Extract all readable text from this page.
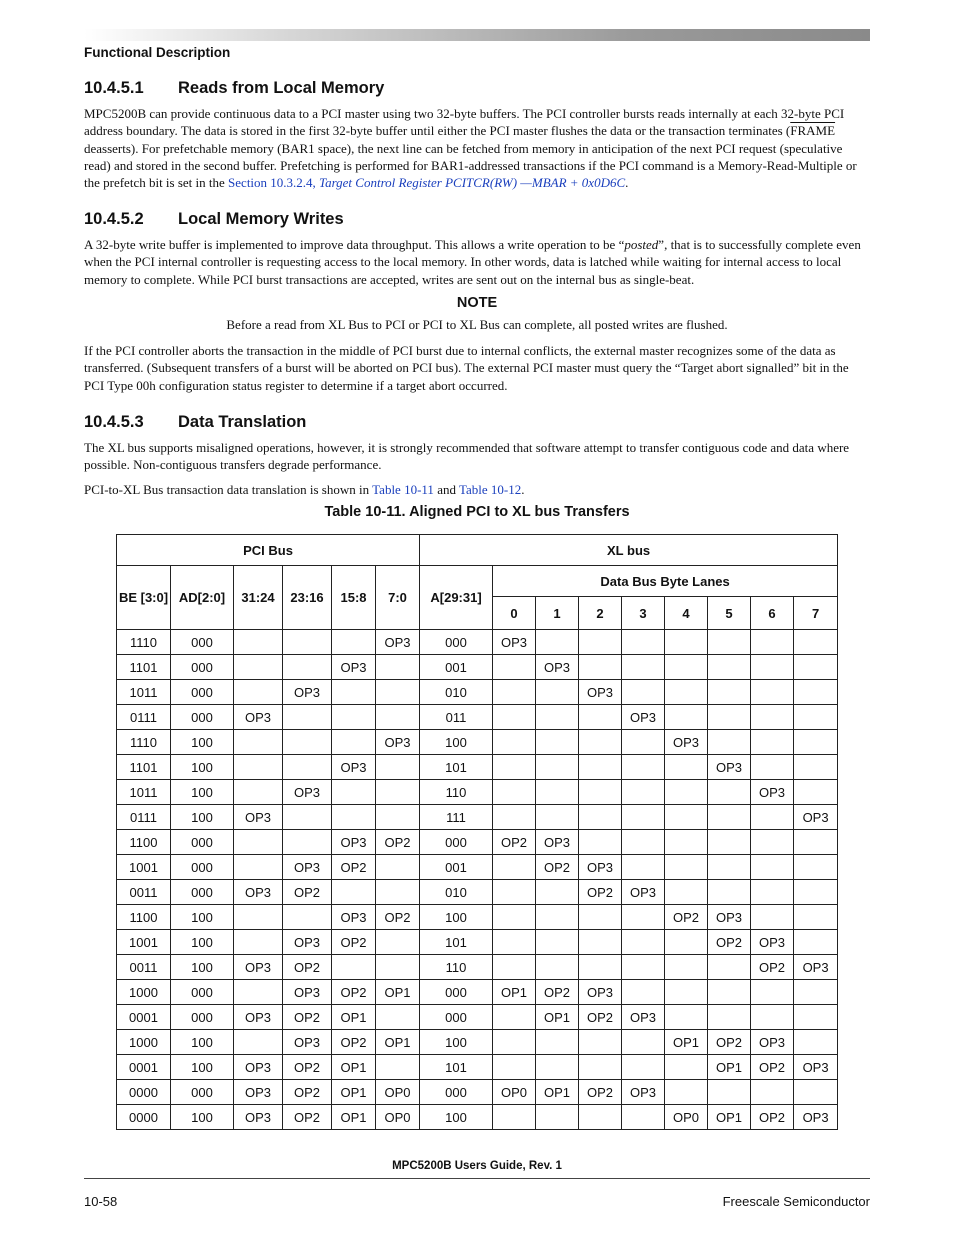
Functional Description
10.4.5.1 Reads from Local Memory

MPC5200B can provide continuous data to a PCI master using two 32-byte buffers. The PCI controller bursts reads internally at each 32-byte PCI address boundary. The data is stored in the first 32-byte buffer until either the PCI master flushes the data or the transaction terminates (FRAME deasserts). For prefetchable memory (BAR1 space), the next line can be fetched from memory in anticipation of the next PCI request (speculative read) and stored in the second buffer. Prefetching is performed for BAR1-addressed transactions if the PCI command is a Memory-Read-Multiple or the prefetch bit is set in the Section 10.3.2.4, Target Control Register PCITCR(RW) —MBAR + 0x0D6C.

10.4.5.2 Local Memory Writes

A 32-byte write buffer is implemented to improve data throughput. This allows a write operation to be “posted”, that is to successfully complete even when the PCI internal controller is requesting access to the local memory. In other words, data is latched while waiting for internal access to local memory to complete. While PCI burst transactions are accepted, writes are sent out on the internal bus as single-beat.

NOTE
Before a read from XL Bus to PCI or PCI to XL Bus can complete, all posted writes are flushed.

If the PCI controller aborts the transaction in the middle of PCI burst due to internal conflicts, the external master recognizes some of the data as transferred. (Subsequent transfers of a burst will be aborted on PCI bus). The external PCI master must query the “Target abort signalled” bit in the PCI Type 00h configuration status register to determine if a target abort occurred.

10.4.5.3 Data Translation

The XL bus supports misaligned operations, however, it is strongly recommended that software attempt to transfer contiguous code and data where possible. Non-contiguous transfers degrade performance.

PCI-to-XL Bus transaction data translation is shown in Table 10-11 and Table 10-12.

Table 10-11. Aligned PCI to XL bus Transfers
PCI Bus						XL bus								
BE [3:0]	AD[2:0]	31:24	23:16	15:8	7:0	A[29:31]	Data Bus Byte Lanes							
							0	1	2	3	4	5	6	7
1110	000				OP3	000	OP3							
1101	000			OP3		001		OP3						
1011	000		OP3			010			OP3					
0111	000	OP3				011				OP3				
1110	100				OP3	100					OP3			
1101	100			OP3		101						OP3		
1011	100		OP3			110							OP3	
0111	100	OP3				111								OP3
1100	000			OP3	OP2	000	OP2	OP3						
1001	000		OP3	OP2		001		OP2	OP3					
0011	000	OP3	OP2			010			OP2	OP3				
1100	100			OP3	OP2	100					OP2	OP3		
1001	100		OP3	OP2		101						OP2	OP3	
0011	100	OP3	OP2			110							OP2	OP3
1000	000		OP3	OP2	OP1	000	OP1	OP2	OP3					
0001	000	OP3	OP2	OP1		000		OP1	OP2	OP3				
1000	100		OP3	OP2	OP1	100					OP1	OP2	OP3	
0001	100	OP3	OP2	OP1		101						OP1	OP2	OP3
0000	000	OP3	OP2	OP1	OP0	000	OP0	OP1	OP2	OP3				
0000	100	OP3	OP2	OP1	OP0	100					OP0	OP1	OP2	OP3
MPC5200B Users Guide, Rev. 1
10-58	Freescale Semiconductor
